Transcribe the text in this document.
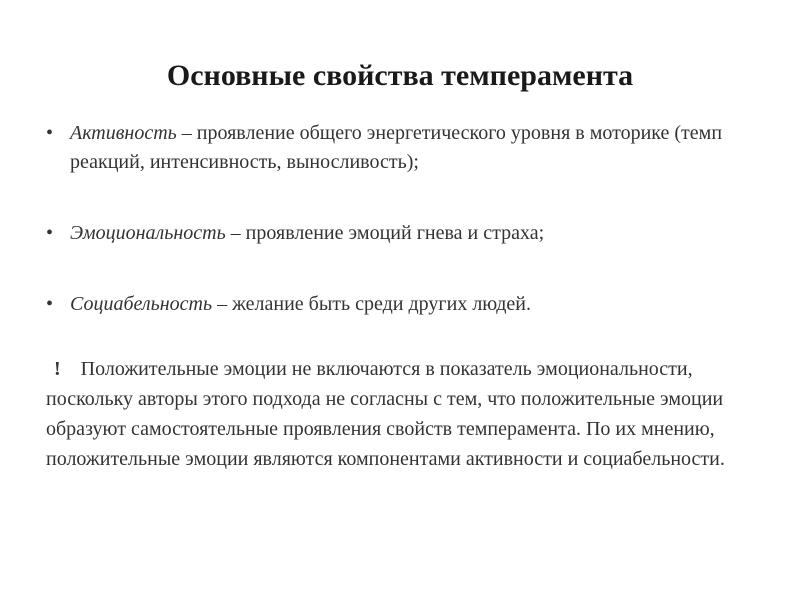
Основные свойства темперамента
• Активность – проявление общего энергетического уровня в моторике (темп реакций, интенсивность, выносливость);
• Эмоциональность – проявление эмоций гнева и страха;
• Социабельность – желание быть среди других людей.

! Положительные эмоции не включаются в показатель эмоциональности, поскольку авторы этого подхода не согласны с тем, что положительные эмоции образуют самостоятельные проявления свойств темперамента. По их мнению, положительные эмоции являются компонентами активности и социабельности.
